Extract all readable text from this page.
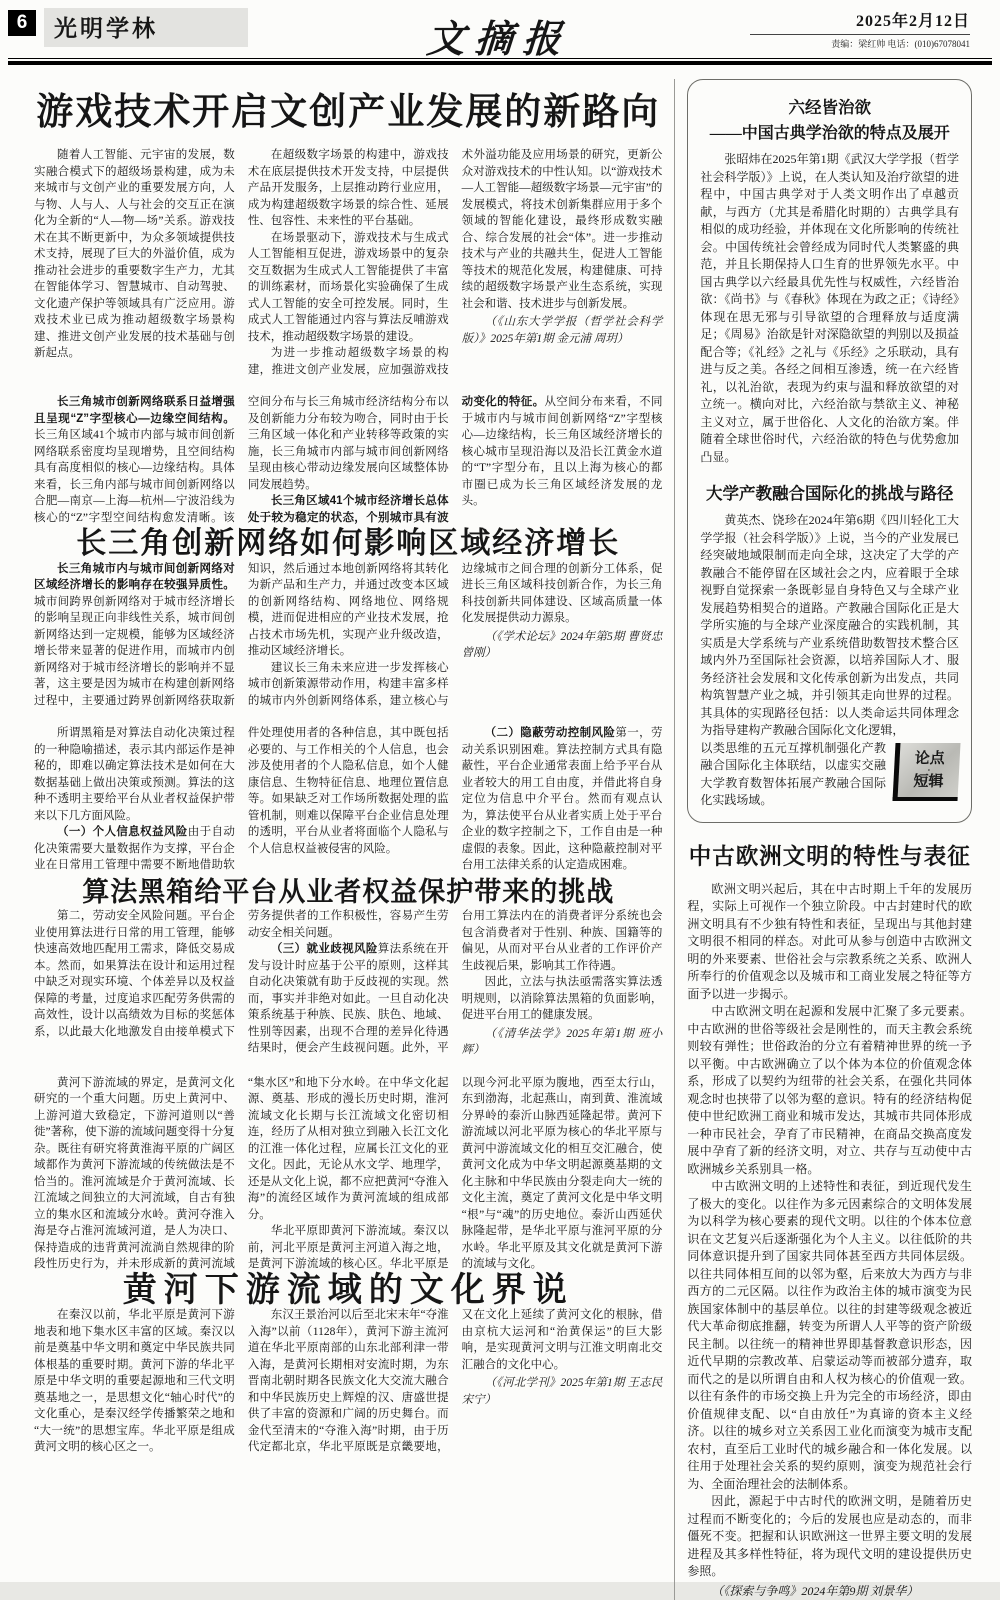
6	光明学林	文摘报	2025年2月12日
责编：梁红帅 电话：(010)67078041
游戏技术开启文创产业发展的新路向

随着人工智能、元宇宙的发展，数实融合模式下的超级场景构建，成为未来城市与文创产业的重要发展方向，人与物、人与人、人与社会的交互正在演化为全新的“人—物—场”关系。游戏技术在其不断更新中，为众多领域提供技术支持，展现了巨大的外溢价值，成为推动社会进步的重要数字生产力，尤其在智能体学习、智慧城市、自动驾驶、文化遗产保护等领域具有广泛应用。游戏技术业已成为推动超级数字场景构建、推进文创产业发展的技术基础与创新起点。

在超级数字场景的构建中，游戏技术在底层提供技术开发支持，中层提供产品开发服务，上层推动跨行业应用，成为构建超级数字场景的综合性、延展性、包容性、未来性的平台基础。

在场景驱动下，游戏技术与生成式人工智能相互促进，游戏场景中的复杂交互数据为生成式人工智能提供了丰富的训练素材，而场景化实验确保了生成式人工智能的安全可控发展。同时，生成式人工智能通过内容与算法反哺游戏技术，推动超级数字场景的建设。

为进一步推动超级数字场景的构建，推进文创产业发展，应加强游戏技术外溢功能及应用场景的研究，更新公众对游戏技术的中性认知。以“游戏技术—人工智能—超级数字场景—元宇宙”的发展模式，将技术创新集群应用于多个领域的智能化建设，最终形成数实融合、综合发展的社会“体”。进一步推动技术与产业的共融共生，促进人工智能等技术的规范化发展，构建健康、可持续的超级数字场景产业生态系统，实现社会和谐、技术进步与创新发展。

（《山东大学学报（哲学社会科学版）》2025年第1期 金元浦 周玥）

长三角城市创新网络联系日益增强且呈现“Z”字型核心—边缘空间结构。长三角区域41个城市内部与城市间创新网络联系密度均呈现增势，且空间结构具有高度相似的核心—边缘结构。具体来看，长三角内部与城市间创新网络以合肥—南京—上海—杭州—宁波沿线为核心的“Z”字型空间结构愈发清晰。该空间分布与长三角城市经济结构分布以及创新能力分布较为吻合，同时由于长三角区域一体化和产业转移等政策的实施，长三角城市内部与城市间创新网络呈现由核心带动边缘发展向区域整体协同发展趋势。

长三角区域41个城市经济增长总体处于较为稳定的状态，个别城市具有波动变化的特征。从空间分布来看，不同于城市内与城市间创新网络“Z”字型核心—边缘结构，长三角区域经济增长的核心城市呈现沿海以及沿长江黄金水道的“T”字型分布，且以上海为核心的都市圈已成为长三角区域经济发展的龙头。

长三角创新网络如何影响区域经济增长

长三角城市内与城市间创新网络对区域经济增长的影响存在较强异质性。城市间跨界创新网络对于城市经济增长的影响呈现正向非线性关系，城市间创新网络达到一定规模，能够为区域经济增长带来显著的促进作用，而城市内创新网络对于城市经济增长的影响并不显著，这主要是因为城市在构建创新网络过程中，主要通过跨界创新网络获取新知识，然后通过本地创新网络将其转化为新产品和生产力，并通过改变本区域的创新网络结构、网络地位、网络规模，进而促进相应的产业技术发展，抢占技术市场先机，实现产业升级改造，推动区域经济增长。

建议长三角未来应进一步发挥核心城市创新策源带动作用，构建丰富多样的城市内外创新网络体系，建立核心与边缘城市之间合理的创新分工体系，促进长三角区域科技创新合作，为长三角科技创新共同体建设、区域高质量一体化发展提供动力源泉。

（《学术论坛》2024年第5期 曹贤忠 曾刚）

所谓黑箱是对算法自动化决策过程的一种隐喻描述，表示其内部运作是神秘的，即难以确定算法技术是如何在大数据基础上做出决策或预测。算法的这种不透明主要给平台从业者权益保护带来以下几方面风险。

（一）个人信息权益风险由于自动化决策需要大量数据作为支撑，平台企业在日常用工管理中需要不断地借助软件处理使用者的各种信息，其中既包括必要的、与工作相关的个人信息，也会涉及使用者的个人隐私信息，如个人健康信息、生物特征信息、地理位置信息等。如果缺乏对工作场所数据处理的监管机制，则难以保障平台企业信息处理的透明，平台从业者将面临个人隐私与个人信息权益被侵害的风险。

（二）隐蔽劳动控制风险第一，劳动关系识别困难。算法控制方式具有隐蔽性，平台企业通常表面上给予平台从业者较大的用工自由度，并借此将自身定位为信息中介平台。然而有观点认为，算法使平台从业者实质上处于平台企业的数字控制之下，工作自由是一种虚假的表象。因此，这种隐蔽控制对平台用工法律关系的认定造成困难。

算法黑箱给平台从业者权益保护带来的挑战

第二，劳动安全风险问题。平台企业使用算法进行日常的用工管理，能够快速高效地匹配用工需求，降低交易成本。然而，如果算法在设计和运用过程中缺乏对现实环境、个体差异以及权益保障的考量，过度追求匹配劳务供需的高效性，设计以高绩效为目标的奖惩体系，以此最大化地激发自由接单模式下劳务提供者的工作积极性，容易产生劳动安全相关问题。

（三）就业歧视风险算法系统在开发与设计时应基于公平的原则，这样其自动化决策就有助于反歧视的实现。然而，事实并非绝对如此。一旦自动化决策系统基于种族、民族、肤色、地域、性别等因素，出现不合理的差异化待遇结果时，便会产生歧视问题。此外，平台用工算法内在的消费者评分系统也会包含消费者对于性别、种族、国籍等的偏见，从而对平台从业者的工作评价产生歧视后果，影响其工作待遇。

因此，立法与执法亟需落实算法透明规则，以消除算法黑箱的负面影响，促进平台用工的健康发展。

（《清华法学》2025年第1期 班小辉）

黄河下游流域的界定，是黄河文化研究的一个重大问题。历史上黄河中、上游河道大致稳定，下游河道则以“善徙”著称，使下游的流域问题变得十分复杂。既往有研究将黄淮海平原的广阔区域都作为黄河下游流域的传统做法是不恰当的。淮河流域是介于黄河流域、长江流域之间独立的大河流域，自古有独立的集水区和流域分水岭。黄河夺淮入海是夺占淮河流域河道，是人为决口、保持造成的违背黄河流淌自然规律的阶段性历史行为，并未形成新的黄河流域“集水区”和地下分水岭。在中华文化起源、奠基、形成的漫长历史时期，淮河流域文化长期与长江流域文化密切相连，经历了从相对独立到融入长江文化的江淮一体化过程，应属长江文化的亚文化。因此，无论从水文学、地理学，还是从文化上说，都不应把黄河“夺淮入海”的流经区域作为黄河流域的组成部分。

华北平原即黄河下游流域。秦汉以前，河北平原是黄河主河道入海之地，是黄河下游流域的核心区。华北平原是以现今河北平原为腹地，西至太行山，东到渤海，北起燕山，南到黄、淮流域分界岭的泰沂山脉西延隆起带。黄河下游流域以河北平原为核心的华北平原与黄河中游流域文化的相互交汇融合，使黄河文化成为中华文明起源奠基期的文化主脉和中华民族由分裂走向大一统的文化主流，奠定了黄河文化是中华文明“根”与“魂”的历史地位。泰沂山西延伏脉隆起带，是华北平原与淮河平原的分水岭。华北平原及其文化就是黄河下游的流域与文化。

黄河下游流域的文化界说

在秦汉以前，华北平原是黄河下游地表和地下集水区丰富的区域。秦汉以前是奠基中华文明和奠定中华民族共同体根基的重要时期。黄河下游的华北平原是中华文明的重要起源地和三代文明奠基地之一，是思想文化“轴心时代”的文化重心，是秦汉经学传播繁荣之地和“大一统”的思想宝库。华北平原是组成黄河文明的核心区之一。

东汉王景治河以后至北宋末年“夺淮入海”以前（1128年），黄河下游主流河道在华北平原南部的山东北部利津一带入海，是黄河长期相对安流时期，为东晋南北朝时期各民族文化大交流大融合和中华民族历史上辉煌的汉、唐盛世提供了丰富的资源和广阔的历史舞台。而金代至清末的“夺淮入海”时期，由于历代定都北京，华北平原既是京畿要地，又在文化上延续了黄河文化的根脉，借由京杭大运河和“治黄保运”的巨大影响，是实现黄河文明与江淮文明南北交汇融合的文化中心。

（《河北学刊》2025年第1期 王志民 宋宁）

六经皆治欲
——中国古典学治欲的特点及展开

张昭炜在2025年第1期《武汉大学学报（哲学社会科学版）》上说，在人类认知及治疗欲望的进程中，中国古典学对于人类文明作出了卓越贡献，与西方（尤其是希腊化时期的）古典学具有相似的成功经验，并体现在文化所影响的传统社会。中国传统社会曾经成为同时代人类繁盛的典范，并且长期保持人口生育的世界领先水平。中国古典学以六经最具优先性与权威性，六经皆治欲：《尚书》与《春秋》体现在为政之正；《诗经》体现在思无邪与引导欲望的合理释放与适度满足；《周易》治欲是针对深隐欲望的判别以及损益配合等；《礼经》之礼与《乐经》之乐联动，具有进与反之美。各经之间相互渗透，统一在六经皆礼，以礼治欲，表现为约束与温和释放欲望的对立统一。横向对比，六经治欲与禁欲主义、神秘主义对立，属于世俗化、人文化的治欲方案。伴随着全球世俗时代，六经治欲的特色与优势愈加凸显。

大学产教融合国际化的挑战与路径

黄英杰、饶珍在2024年第6期《四川轻化工大学学报（社会科学版）》上说，当今的产业发展已经突破地域限制而走向全球，这决定了大学的产教融合不能停留在区域社会之内，应着眼于全球视野自觉探索一条既彰显自身特色又与全球产业发展趋势相契合的道路。产教融合国际化正是大学所实施的与全球产业深度融合的实践机制，其实质是大学系统与产业系统借助数智技术整合区域内外乃至国际社会资源，以培养国际人才、服务经济社会发展和文化传承创新为出发点，共同构筑智慧产业之城，并引领其走向世界的过程。其具体的实现路径包括：以人类命运共同体理念为指导建构产教融合国际化文化逻辑，

论点
·
短辑
以类思维的五元互撑机制强化产教融合国际化主体联结，以虚实交融大学教育数智体拓展产教融合国际化实践场域。

中古欧洲文明的特性与表征

欧洲文明兴起后，其在中古时期上千年的发展历程，实际上可视作一个独立阶段。中古封建时代的欧洲文明具有不少独有特性和表征，呈现出与其他封建文明很不相同的样态。对此可从参与创造中古欧洲文明的外来要素、世俗社会与宗教系统之关系、欧洲人所奉行的价值观念以及城市和工商业发展之特征等方面予以进一步揭示。

中古欧洲文明在起源和发展中汇聚了多元要素。中古欧洲的世俗等级社会是刚性的，而天主教会系统则较有弹性；世俗政治的分立有着精神世界的统一予以平衡。中古欧洲确立了以个体为本位的价值观念体系，形成了以契约为纽带的社会关系，在强化共同体观念时也挟带了以邻为壑的意识。特有的经济结构促使中世纪欧洲工商业和城市发达，其城市共同体形成一种市民社会，孕育了市民精神，在商品交换高度发展中孕育了新的经济文明，对立、共存与互动使中古欧洲城乡关系别具一格。

中古欧洲文明的上述特性和表征，到近现代发生了极大的变化。以往作为多元因素综合的文明体发展为以科学为核心要素的现代文明。以往的个体本位意识在文艺复兴后逐渐强化为个人主义。以往低阶的共同体意识提升到了国家共同体甚至西方共同体层级。以往共同体相互间的以邻为壑，后来放大为西方与非西方的二元区隔。以往作为政治主体的城市演变为民族国家体制中的基层单位。以往的封建等级观念被近代大革命彻底推翻，转变为所谓人人平等的资产阶级民主制。以往统一的精神世界即基督教意识形态，因近代早期的宗教改革、启蒙运动等而被部分遗弃，取而代之的是以所谓自由和人权为核心的价值观一致。以往有条件的市场交换上升为完全的市场经济，即由价值规律支配、以“自由放任”为真谛的资本主义经济。以往的城乡对立关系因工业化而演变为城市支配农村，直至后工业时代的城乡融合和一体化发展。以往用于处理社会关系的契约原则，演变为规范社会行为、全面治理社会的法制体系。

因此，源起于中古时代的欧洲文明，是随着历史过程而不断变化的；今后的发展也应是动态的，而非僵死不变。把握和认识欧洲这一世界主要文明的发展进程及其多样性特征，将为现代文明的建设提供历史参照。

（《探索与争鸣》2024年第9期 刘景华）
